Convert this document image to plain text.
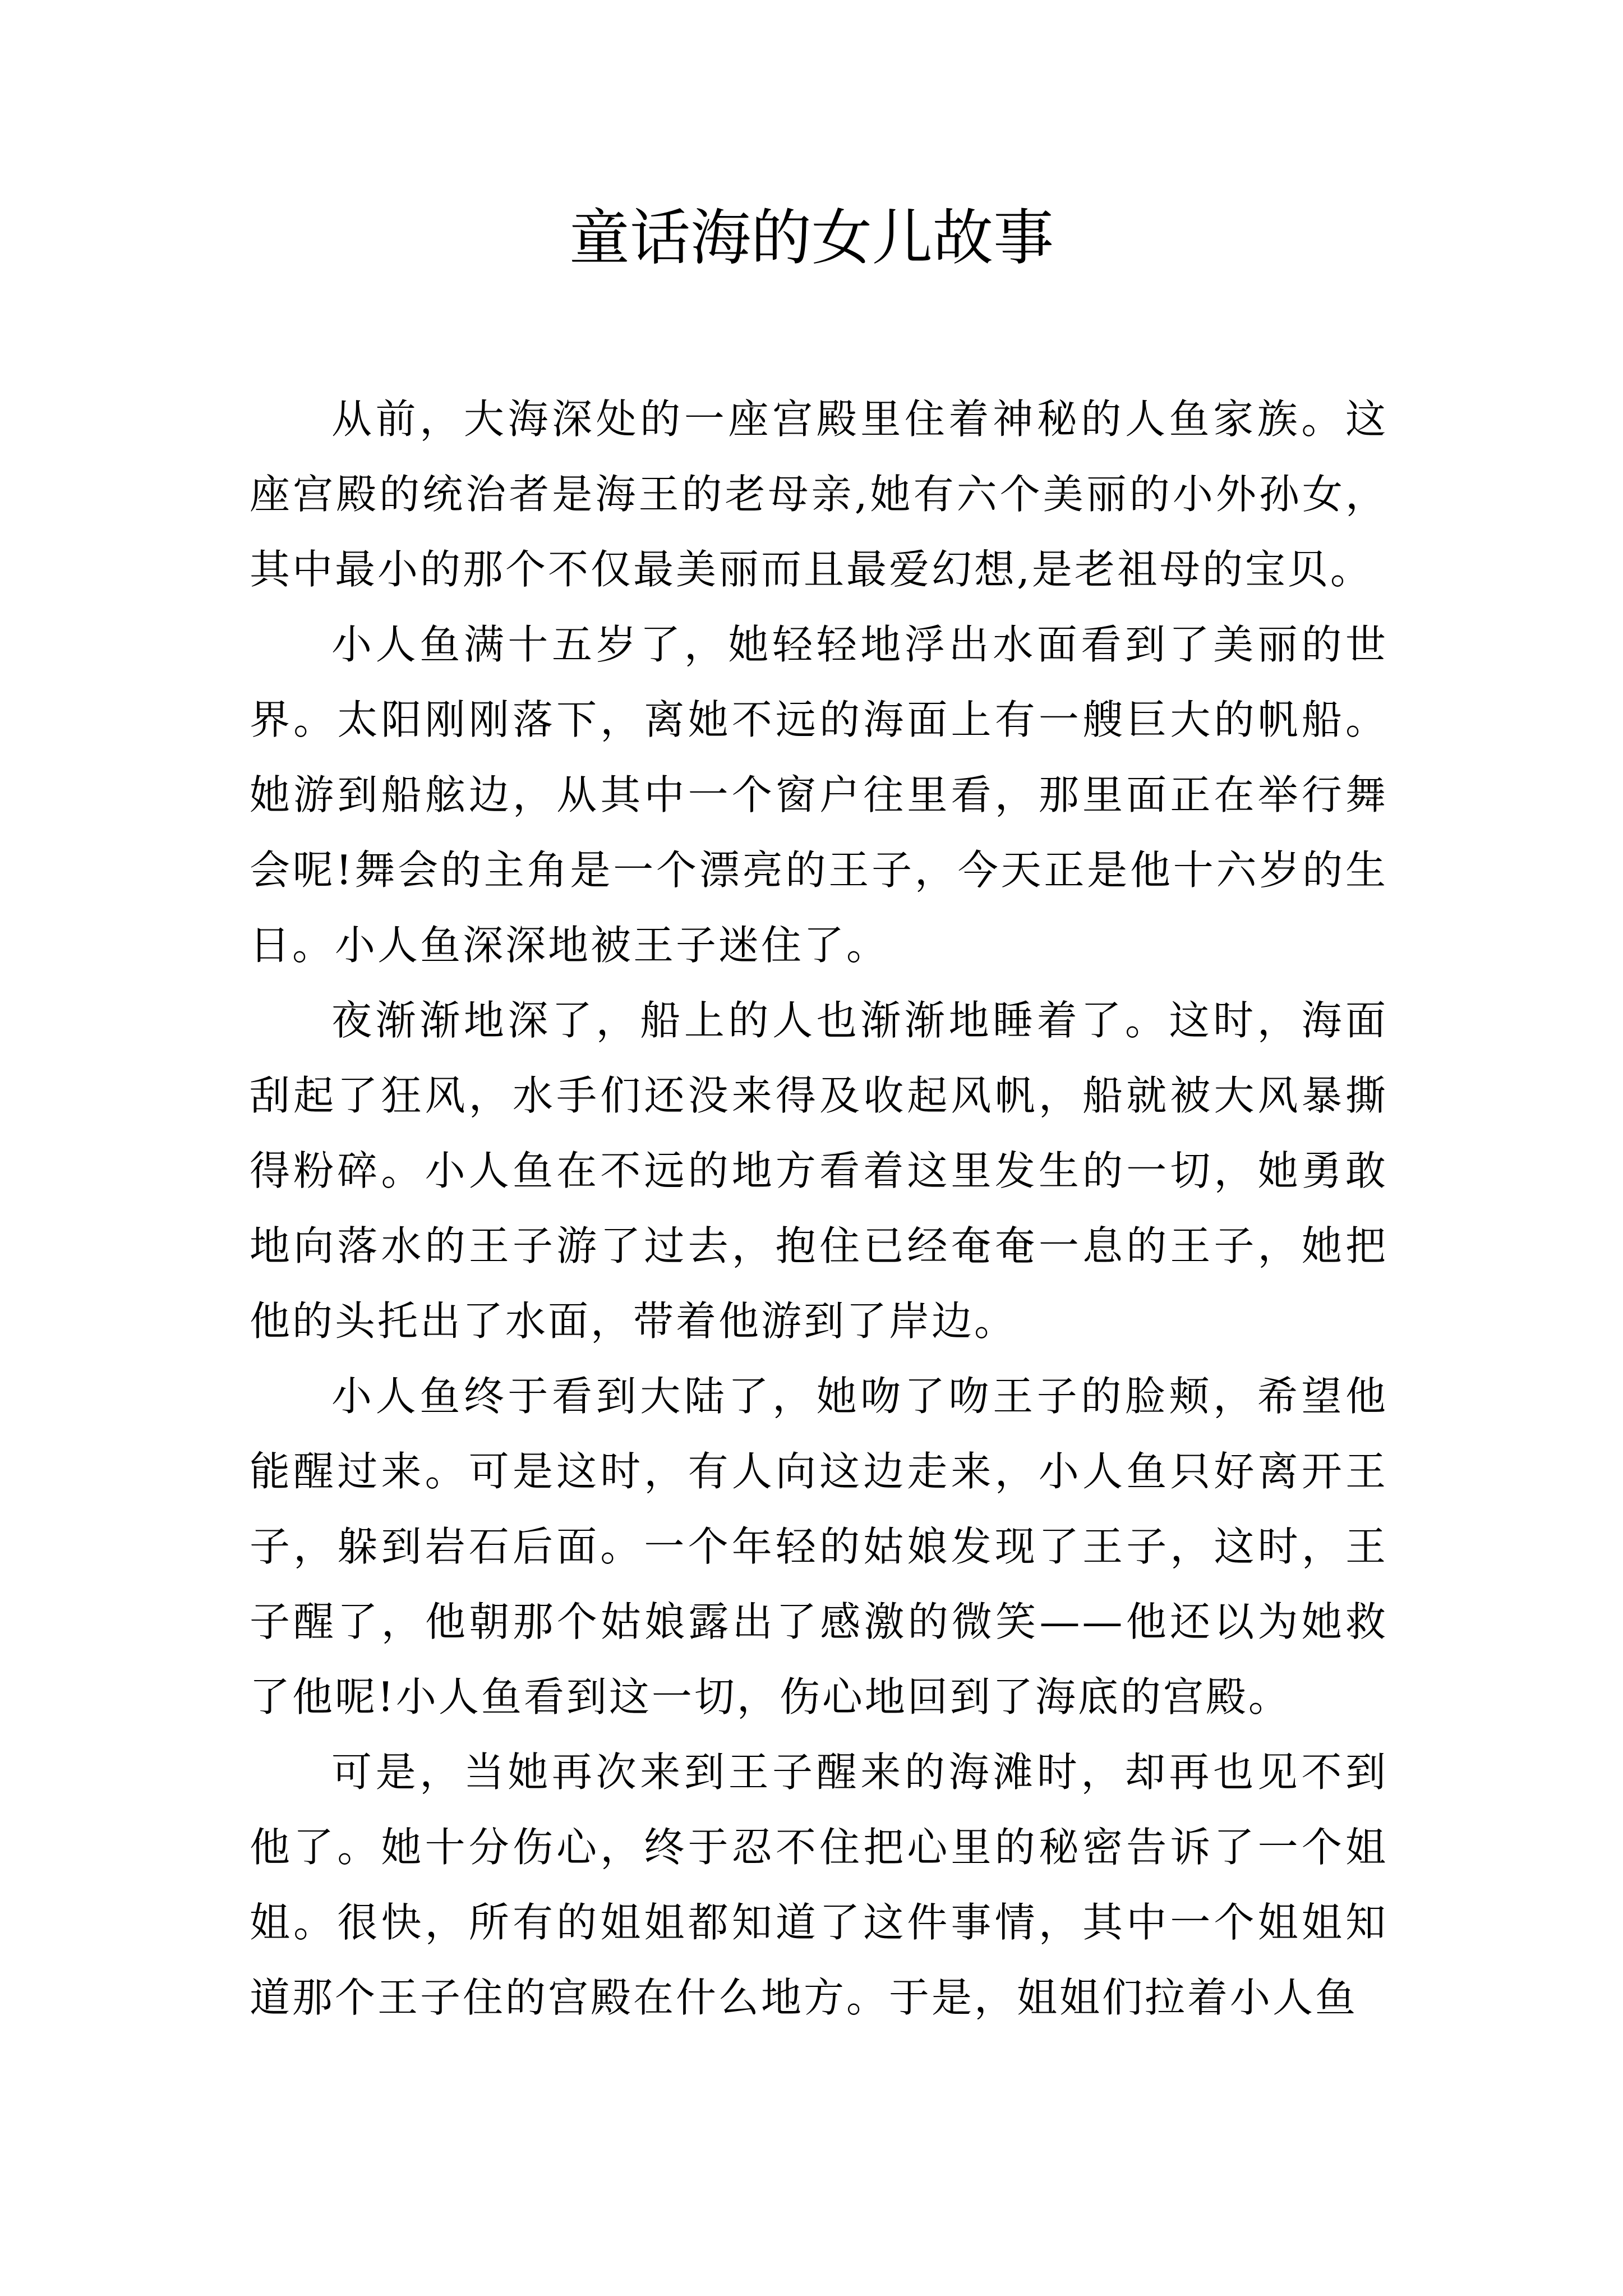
童话海的女儿故事

从前，大海深处的一座宫殿里住着神秘的人鱼家族。这座宫殿的统治者是海王的老母亲,她有六个美丽的小外孙女，其中最小的那个不仅最美丽而且最爱幻想,是老祖母的宝贝。

小人鱼满十五岁了，她轻轻地浮出水面看到了美丽的世界。太阳刚刚落下，离她不远的海面上有一艘巨大的帆船。她游到船舷边，从其中一个窗户往里看，那里面正在举行舞会呢!舞会的主角是一个漂亮的王子，今天正是他十六岁的生日。小人鱼深深地被王子迷住了。

夜渐渐地深了，船上的人也渐渐地睡着了。这时，海面刮起了狂风，水手们还没来得及收起风帆，船就被大风暴撕得粉碎。小人鱼在不远的地方看着这里发生的一切，她勇敢地向落水的王子游了过去，抱住已经奄奄一息的王子，她把他的头托出了水面，带着他游到了岸边。

小人鱼终于看到大陆了，她吻了吻王子的脸颊，希望他能醒过来。可是这时，有人向这边走来，小人鱼只好离开王子，躲到岩石后面。一个年轻的姑娘发现了王子，这时，王子醒了，他朝那个姑娘露出了感激的微笑——他还以为她救了他呢!小人鱼看到这一切，伤心地回到了海底的宫殿。

可是，当她再次来到王子醒来的海滩时，却再也见不到他了。她十分伤心，终于忍不住把心里的秘密告诉了一个姐姐。很快，所有的姐姐都知道了这件事情，其中一个姐姐知道那个王子住的宫殿在什么地方。于是，姐姐们拉着小人鱼
